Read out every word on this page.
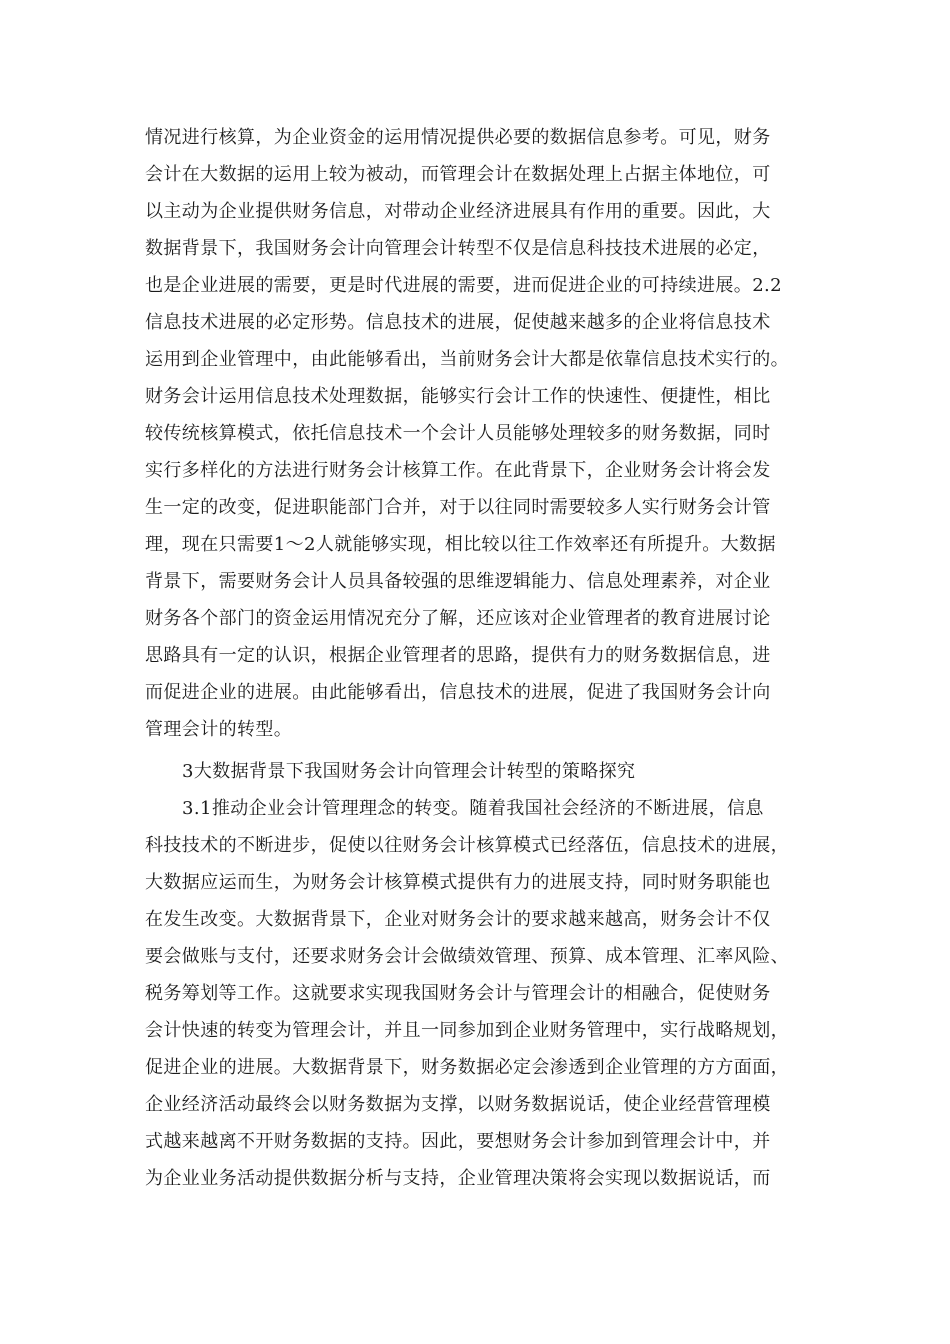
情况进行核算，为企业资金的运用情况提供必要的数据信息参考。可见，财务
会计在大数据的运用上较为被动，而管理会计在数据处理上占据主体地位，可
以主动为企业提供财务信息，对带动企业经济进展具有作用的重要。因此，大
数据背景下，我国财务会计向管理会计转型不仅是信息科技技术进展的必定，
也是企业进展的需要，更是时代进展的需要，进而促进企业的可持续进展。2.2
信息技术进展的必定形势。信息技术的进展，促使越来越多的企业将信息技术
运用到企业管理中，由此能够看出，当前财务会计大都是依靠信息技术实行的。
财务会计运用信息技术处理数据，能够实行会计工作的快速性、便捷性，相比
较传统核算模式，依托信息技术一个会计人员能够处理较多的财务数据，同时
实行多样化的方法进行财务会计核算工作。在此背景下，企业财务会计将会发
生一定的改变，促进职能部门合并，对于以往同时需要较多人实行财务会计管
理，现在只需要1～2人就能够实现，相比较以往工作效率还有所提升。大数据
背景下，需要财务会计人员具备较强的思维逻辑能力、信息处理素养，对企业
财务各个部门的资金运用情况充分了解，还应该对企业管理者的教育进展讨论
思路具有一定的认识，根据企业管理者的思路，提供有力的财务数据信息，进
而促进企业的进展。由此能够看出，信息技术的进展，促进了我国财务会计向
管理会计的转型。
3大数据背景下我国财务会计向管理会计转型的策略探究
3.1推动企业会计管理理念的转变。随着我国社会经济的不断进展，信息
科技技术的不断进步，促使以往财务会计核算模式已经落伍，信息技术的进展，
大数据应运而生，为财务会计核算模式提供有力的进展支持，同时财务职能也
在发生改变。大数据背景下，企业对财务会计的要求越来越高，财务会计不仅
要会做账与支付，还要求财务会计会做绩效管理、预算、成本管理、汇率风险、
税务筹划等工作。这就要求实现我国财务会计与管理会计的相融合，促使财务
会计快速的转变为管理会计，并且一同参加到企业财务管理中，实行战略规划，
促进企业的进展。大数据背景下，财务数据必定会渗透到企业管理的方方面面，
企业经济活动最终会以财务数据为支撑，以财务数据说话，使企业经营管理模
式越来越离不开财务数据的支持。因此，要想财务会计参加到管理会计中，并
为企业业务活动提供数据分析与支持，企业管理决策将会实现以数据说话，而
